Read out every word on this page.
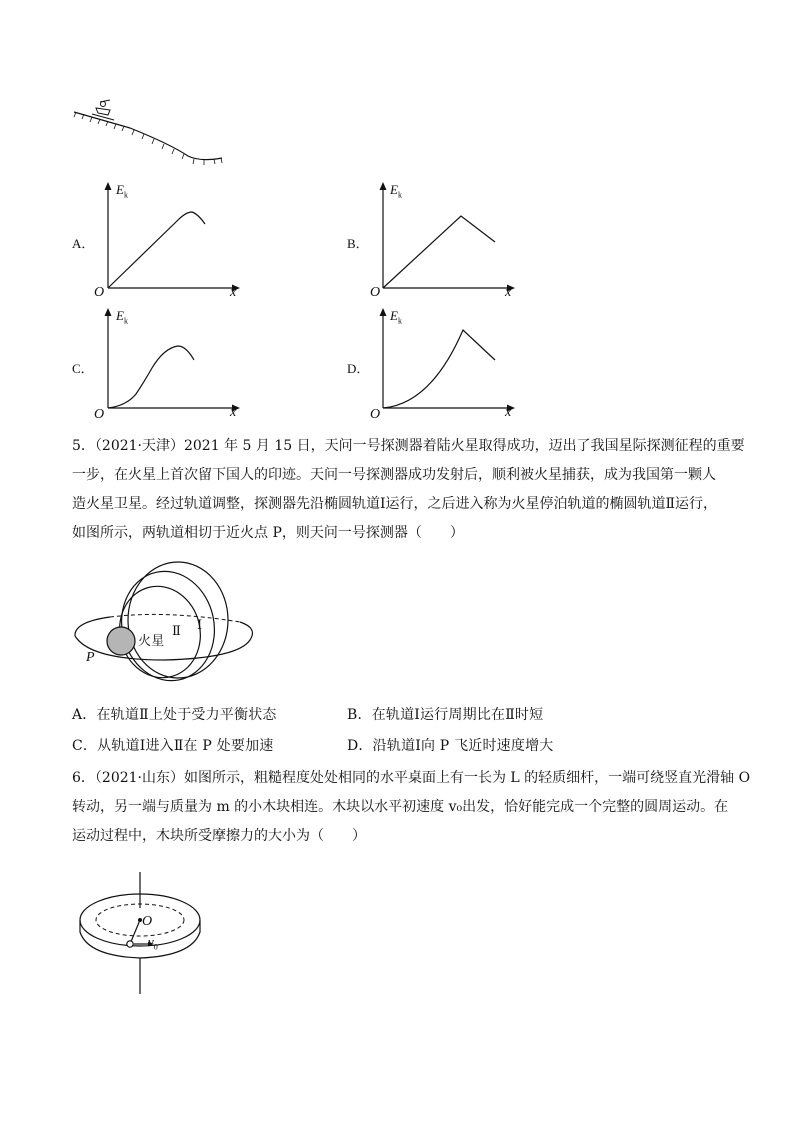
A．
$E_k$
O	x
B．
$E_k$
O	x
C．
$E_k$
O	x
D．
$E_k$
O	x
5．（2021·天津）2021 年 5 月 15 日，天问一号探测器着陆火星取得成功，迈出了我国星际探测征程的重要
一步，在火星上首次留下国人的印迹。天问一号探测器成功发射后，顺利被火星捕获，成为我国第一颗人
造火星卫星。经过轨道调整，探测器先沿椭圆轨道Ⅰ运行，之后进入称为火星停泊轨道的椭圆轨道Ⅱ运行，
如图所示，两轨道相切于近火点 P，则天问一号探测器（　　）
火星
Ⅱ Ⅰ
P
A．在轨道Ⅱ上处于受力平衡状态	B．在轨道Ⅰ运行周期比在Ⅱ时短
C．从轨道Ⅰ进入Ⅱ在 P 处要加速	D．沿轨道Ⅰ向 P 飞近时速度增大
6．（2021·山东）如图所示，粗糙程度处处相同的水平桌面上有一长为 L 的轻质细杆，一端可绕竖直光滑轴 O
转动，另一端与质量为 m 的小木块相连。木块以水平初速度 v₀出发，恰好能完成一个完整的圆周运动。在
运动过程中，木块所受摩擦力的大小为（　　）
O
$v_0$
